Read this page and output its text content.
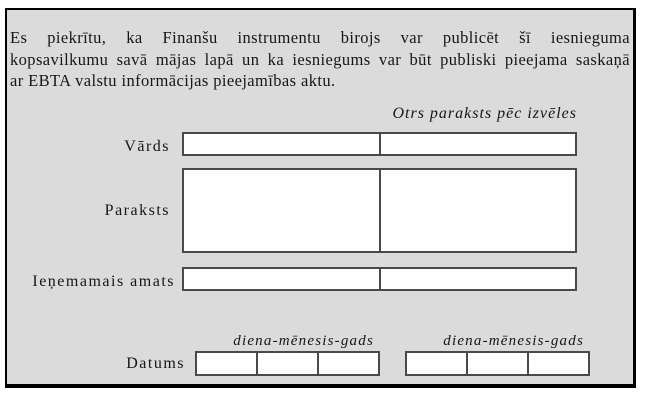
Es piekrītu, ka Finanšu instrumentu birojs var publicēt šī iesnieguma
kopsavilkumu savā mājas lapā un ka iesniegums var būt publiski pieejama saskaņā
ar EBTA valstu informācijas pieejamības aktu.
Otrs paraksts pēc izvēles
Vārds
Paraksts
Ieņemamais amats
diena-mēnesis-gads	diena-mēnesis-gads
Datums
